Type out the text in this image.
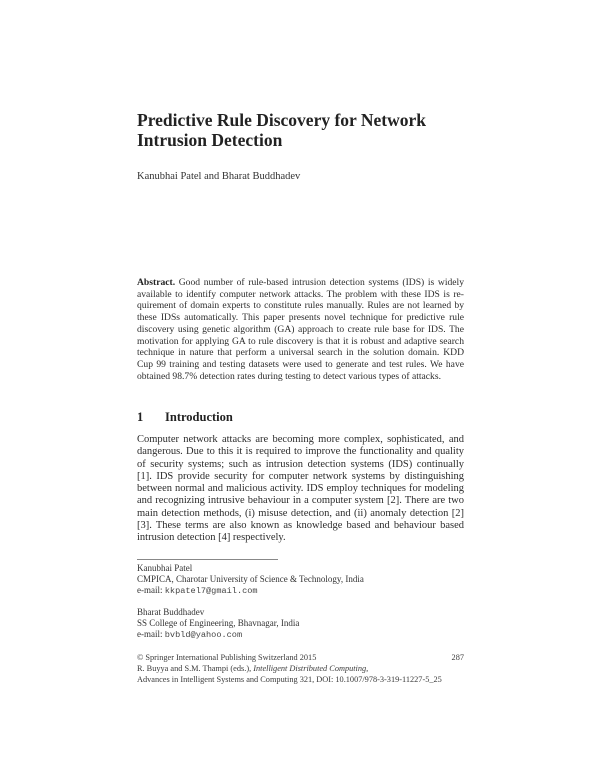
Predictive Rule Discovery for Network
Intrusion Detection

Kanubhai Patel and Bharat Buddhadev

Abstract. Good number of rule-based intrusion detection systems (IDS) is widely available to identify computer network attacks. The problem with these IDS is requirement of domain experts to constitute rules manually. Rules are not learned by these IDSs automatically. This paper presents novel technique for predictive rule discovery using genetic algorithm (GA) approach to create rule base for IDS. The motivation for applying GA to rule discovery is that it is robust and adaptive search technique in nature that perform a universal search in the solution domain. KDD Cup 99 training and testing datasets were used to generate and test rules. We have obtained 98.7% detection rates during testing to detect various types of attacks.

1	Introduction

Computer network attacks are becoming more complex, sophisticated, and dangerous. Due to this it is required to improve the functionality and quality of security systems; such as intrusion detection systems (IDS) continually [1]. IDS provide security for computer network systems by distinguishing between normal and malicious activity. IDS employ techniques for modeling and recognizing intrusive behaviour in a computer system [2]. There are two main detection methods, (i) misuse detection, and (ii) anomaly detection [2] [3]. These terms are also known as knowledge based and behaviour based intrusion detection [4] respectively.

Kanubhai Patel
CMPICA, Charotar University of Science & Technology, India
e-mail: kkpatel7@gmail.com
Bharat Buddhadev
SS College of Engineering, Bhavnagar, India
e-mail: bvbld@yahoo.com
© Springer International Publishing Switzerland 2015	287
R. Buyya and S.M. Thampi (eds.), Intelligent Distributed Computing,
Advances in Intelligent Systems and Computing 321, DOI: 10.1007/978-3-319-11227-5_25
